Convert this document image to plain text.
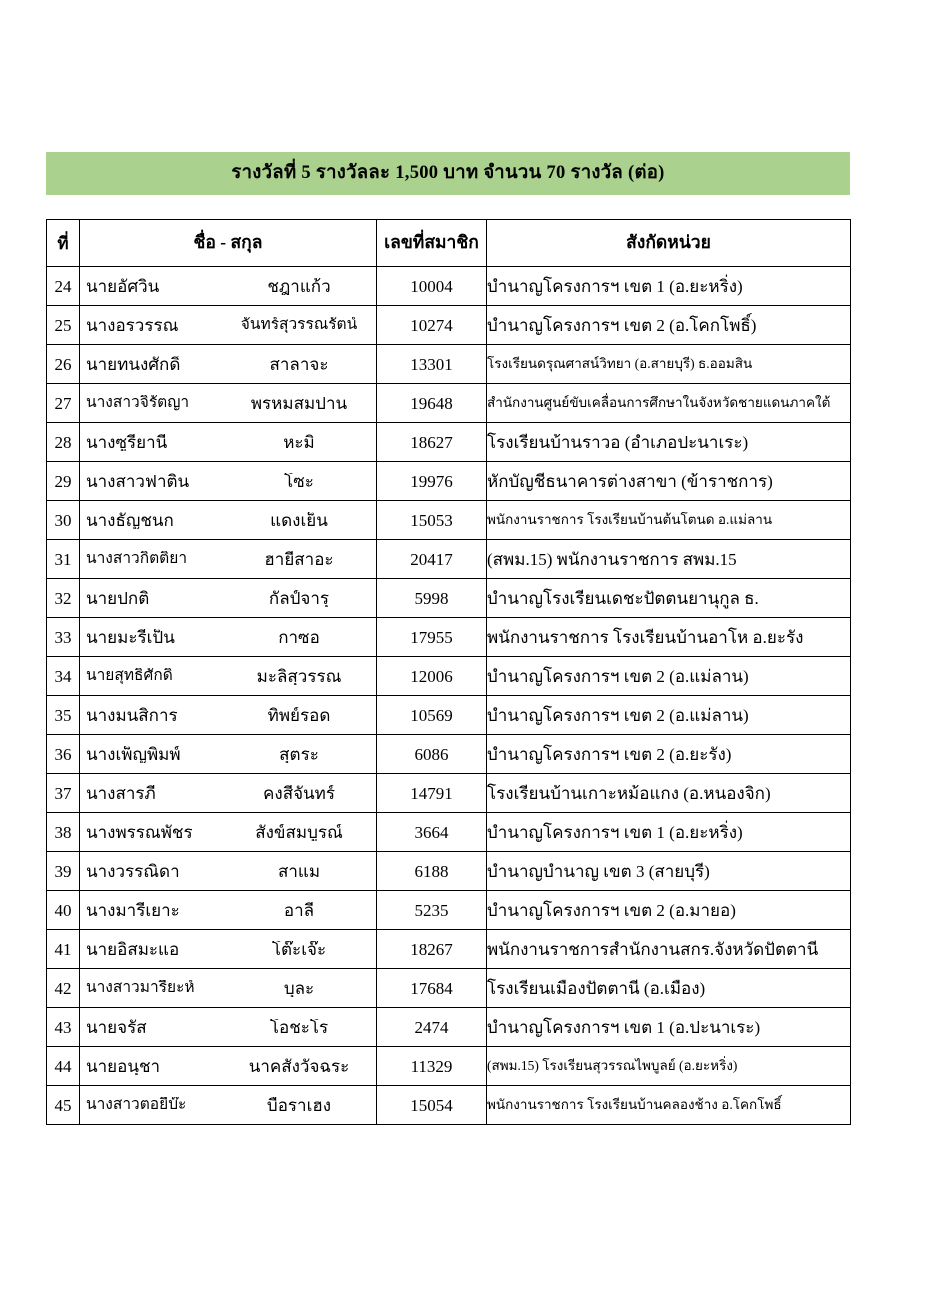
รางวัลที่ 5 รางวัลละ 1,500 บาท จำนวน 70 รางวัล (ต่อ)
ที่	ชื่อ - สกุล	เลขที่สมาชิก	สังกัดหน่วย
24	นายอัศวิน ชฎาแก้ว	10004	บำนาญโครงการฯ เขต 1 (อ.ยะหริ่ง)
25	นางอรวรรณ จันทร์สุวรรณรัตน์	10274	บำนาญโครงการฯ เขต 2 (อ.โคกโพธิ์)
26	นายทนงศักดิ์ สาลาจะ	13301	โรงเรียนดรุณศาสน์วิทยา (อ.สายบุรี) ธ.ออมสิน
27	นางสาวจิรัตญา พรหมสมปาน	19648	สำนักงานศูนย์ขับเคลื่อนการศึกษาในจังหวัดชายแดนภาคใต้
28	นางซูรียานี หะมิ	18627	โรงเรียนบ้านราวอ (อำเภอปะนาเระ)
29	นางสาวฟาติน โซะ	19976	หักบัญชีธนาคารต่างสาขา (ข้าราชการ)
30	นางธัญชนก แดงเย็น	15053	พนักงานราชการ โรงเรียนบ้านต้นโตนด อ.แม่ลาน
31	นางสาวกิตติยา ฮายีสาอะ	20417	(สพม.15) พนักงานราชการ สพม.15
32	นายปกติ กัลป์จารุ	5998	บำนาญโรงเรียนเดชะปัตตนยานุกูล ธ.
33	นายมะรีเป็น กาซอ	17955	พนักงานราชการ โรงเรียนบ้านอาโห อ.ยะรัง
34	นายสุทธิศักดิ์ มะลิสุวรรณ	12006	บำนาญโครงการฯ เขต 2 (อ.แม่ลาน)
35	นางมนสิการ ทิพย์รอด	10569	บำนาญโครงการฯ เขต 2 (อ.แม่ลาน)
36	นางเพ็ญพิมพ์ สุตระ	6086	บำนาญโครงการฯ เขต 2 (อ.ยะรัง)
37	นางสารภี คงสีจันทร์	14791	โรงเรียนบ้านเกาะหม้อแกง (อ.หนองจิก)
38	นางพรรณพัชร สังข์สมบูรณ์	3664	บำนาญโครงการฯ เขต 1 (อ.ยะหริ่ง)
39	นางวรรณิดา สาแม	6188	บำนาญบำนาญ เขต 3 (สายบุรี)
40	นางมารีเยาะ อาลี	5235	บำนาญโครงการฯ เขต 2 (อ.มายอ)
41	นายอิสมะแอ โต๊ะเจ๊ะ	18267	พนักงานราชการสำนักงานสกร.จังหวัดปัตตานี
42	นางสาวมารียะห์ บุละ	17684	โรงเรียนเมืองปัตตานี (อ.เมือง)
43	นายจรัส โอชะโร	2474	บำนาญโครงการฯ เขต 1 (อ.ปะนาเระ)
44	นายอนุชา นาคสังวัจฉระ	11329	(สพม.15) โรงเรียนสุวรรณไพบูลย์ (อ.ยะหริ่ง)
45	นางสาวตอยีบ๊ะ บือราเฮง	15054	พนักงานราชการ โรงเรียนบ้านคลองช้าง อ.โคกโพธิ์
